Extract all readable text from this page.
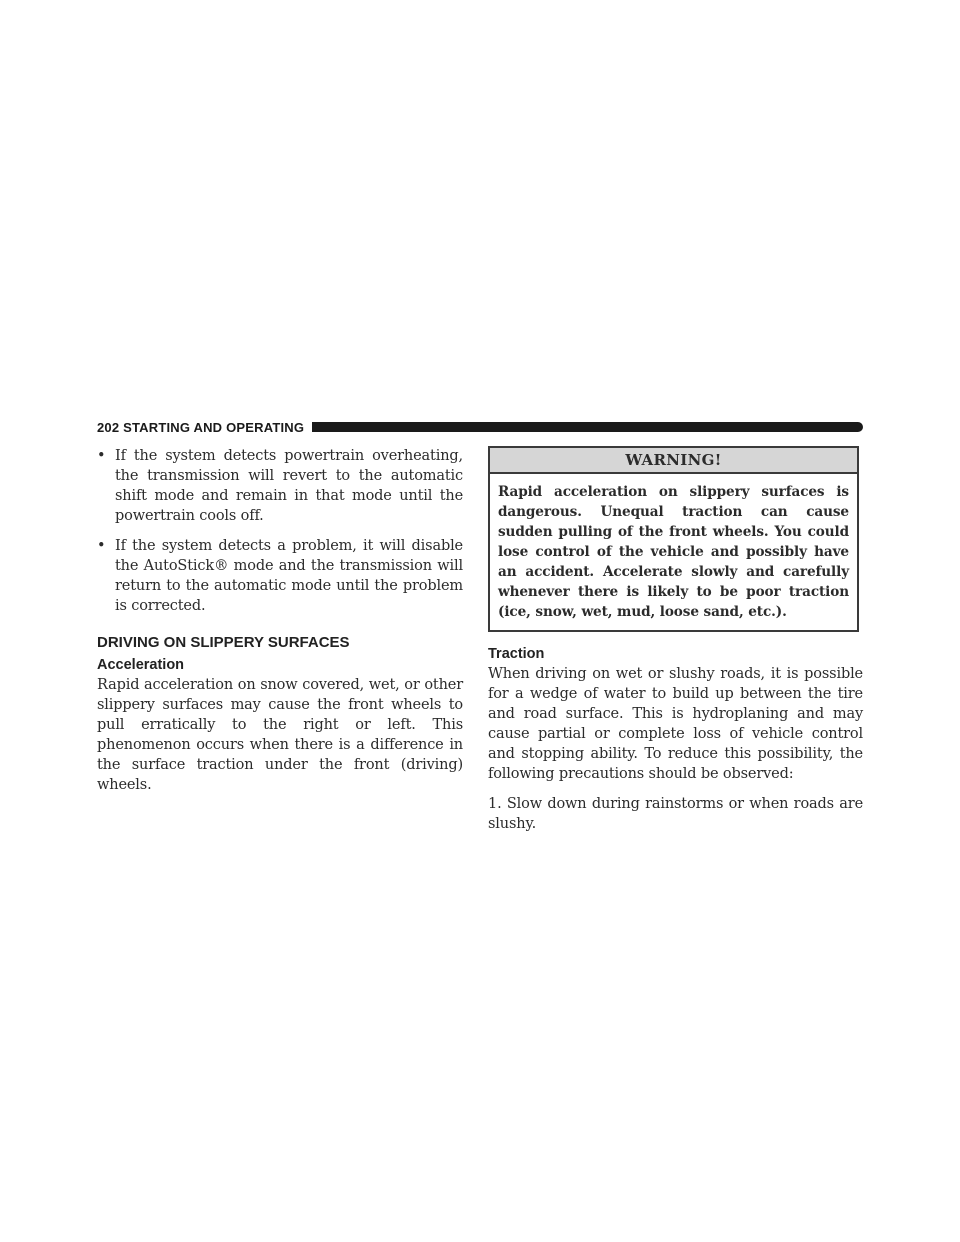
202 STARTING AND OPERATING
• If the system detects powertrain overheating, the transmission will revert to the automatic shift mode and remain in that mode until the powertrain cools off.

• If the system detects a problem, it will disable the AutoStick® mode and the transmission will return to the automatic mode until the problem is corrected.

DRIVING ON SLIPPERY SURFACES
Acceleration

Rapid acceleration on snow covered, wet, or other slippery surfaces may cause the front wheels to pull erratically to the right or left. This phenomenon occurs when there is a difference in the surface traction under the front (driving) wheels.

WARNING!
Rapid acceleration on slippery surfaces is dangerous. Unequal traction can cause sudden pulling of the front wheels. You could lose control of the vehicle and possibly have an accident. Accelerate slowly and carefully whenever there is likely to be poor traction (ice, snow, wet, mud, loose sand, etc.).
Traction

When driving on wet or slushy roads, it is possible for a wedge of water to build up between the tire and road surface. This is hydroplaning and may cause partial or complete loss of vehicle control and stopping ability. To reduce this possibility, the following precautions should be observed:

1. Slow down during rainstorms or when roads are slushy.
